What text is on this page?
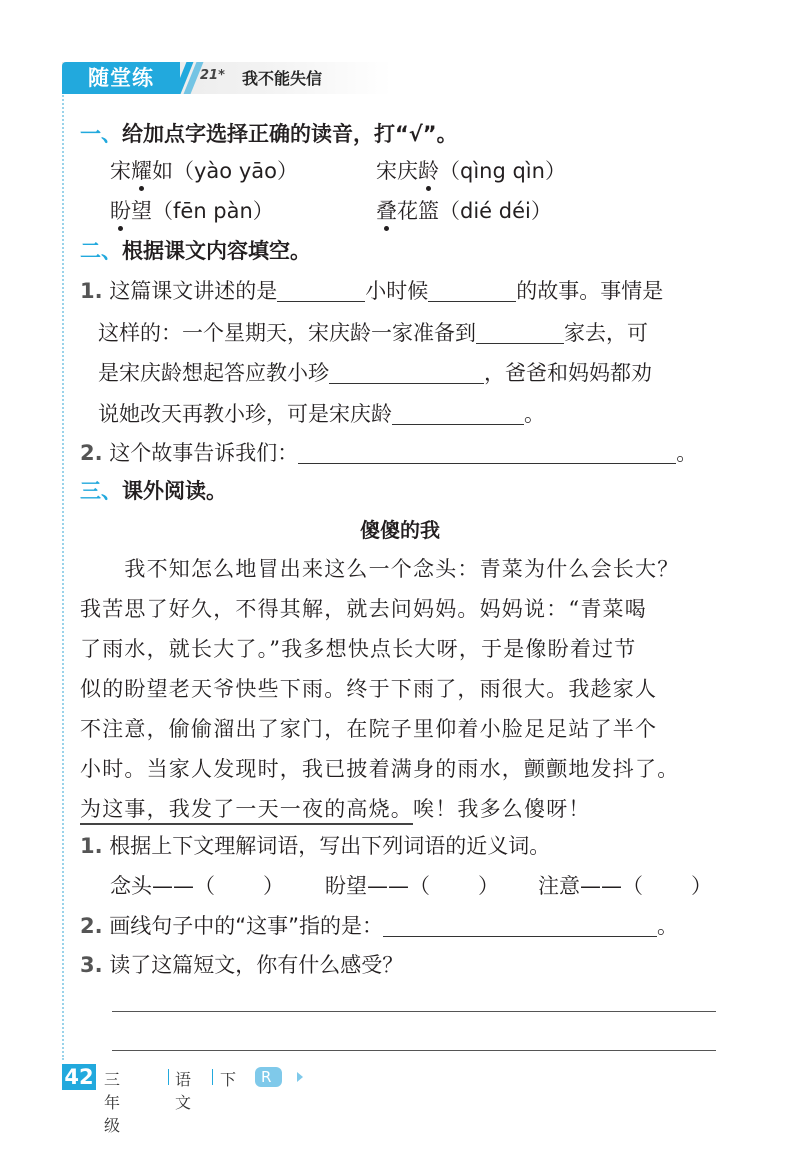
随堂练	21* 我不能失信
一、给加点字选择正确的读音，打“√”。
宋耀如（yào yāo）	宋庆龄（qìng qìn）
盼望（fēn pàn）	叠花篮（dié déi）
二、根据课文内容填空。
1. 这篇课文讲述的是	小时候	的故事。事情是
这样的：一个星期天，宋庆龄一家准备到	家去，可
是宋庆龄想起答应教小珍	，爸爸和妈妈都劝
说她改天再教小珍，可是宋庆龄	。
2. 这个故事告诉我们：	。
三、课外阅读。
傻傻的我
　　我不知怎么地冒出来这么一个念头：青菜为什么会长大？
我苦思了好久，不得其解，就去问妈妈。妈妈说：“青菜喝
了雨水，就长大了。”我多想快点长大呀，于是像盼着过节
似的盼望老天爷快些下雨。终于下雨了，雨很大。我趁家人
不注意，偷偷溜出了家门，在院子里仰着小脸足足站了半个
小时。当家人发现时，我已披着满身的雨水，颤颤地发抖了。
为这事，我发了一天一夜的高烧。唉！我多么傻呀！
1. 根据上下文理解词语，写出下列词语的近义词。
念头——（ ） 盼望——（ ） 注意——（ ）
2. 画线句子中的“这事”指的是：	。
3. 读了这篇短文，你有什么感受？
42 三年级
语文
下	R版
